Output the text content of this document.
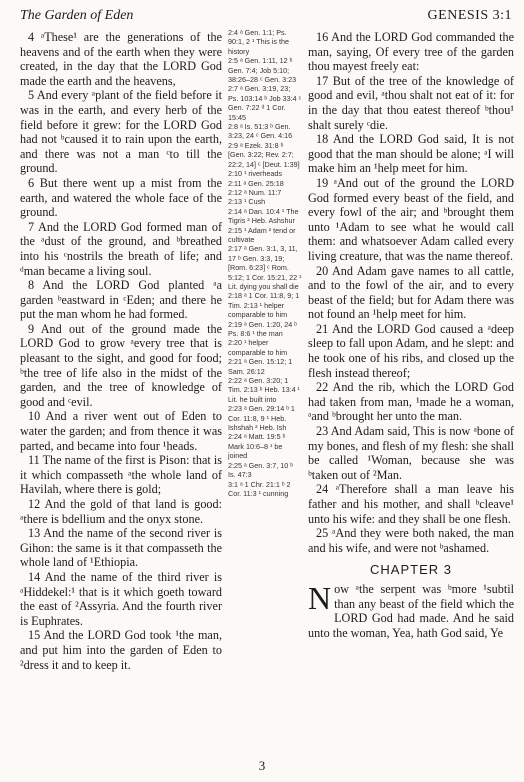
The Garden of Eden	GENESIS 3:1

4 ᵃThese¹ are the generations of the heavens and of the earth when they were created, in the day that the LORD God made the earth and the heavens,

5 And every ᵃplant of the field before it was in the earth, and every herb of the field before it grew: for the LORD God had not ᵇcaused it to rain upon the earth, and there was not a man ᶜto till the ground.

6 But there went up a mist from the earth, and watered the whole face of the ground.

7 And the LORD God formed man of the ᵃdust of the ground, and ᵇbreathed into his ᶜnostrils the breath of life; and ᵈman became a living soul.

8 And the LORD God planted ᵃa garden ᵇeastward in ᶜEden; and there he put the man whom he had formed.

9 And out of the ground made the LORD God to grow ᵃevery tree that is pleasant to the sight, and good for food; ᵇthe tree of life also in the midst of the garden, and the tree of knowledge of good and ᶜevil.

10 And a river went out of Eden to water the garden; and from thence it was parted, and became into four ¹heads.

11 The name of the first is Pison: that is it which compasseth ᵃthe whole land of Havilah, where there is gold;

12 And the gold of that land is good: ᵃthere is bdellium and the onyx stone.

13 And the name of the second river is Gihon: the same is it that compasseth the whole land of ¹Ethiopia.

14 And the name of the third river is ᵃHiddekel:¹ that is it which goeth toward the east of ²Assyria. And the fourth river is Euphrates.

15 And the LORD God took ¹the man, and put him into the garden of Eden to ²dress it and to keep it.

2:4 ᵃ Gen. 1:1; Ps. 90:1, 2 ¹ This is the history
2:5 ᵃ Gen. 1:11, 12 ᵇ Gen. 7:4; Job 5:10; 38:26–28 ᶜ Gen. 3:23
2:7 ᵃ Gen. 3:19, 23; Ps. 103:14 ᵇ Job 33:4 ᶜ Gen. 7:22 ᵈ 1 Cor. 15:45
2:8 ᵃ Is. 51:3 ᵇ Gen. 3:23, 24 ᶜ Gen. 4:16
2:9 ᵃ Ezek. 31:8 ᵇ [Gen. 3:22; Rev. 2:7; 22:2, 14] ᶜ [Deut. 1:39]
2:10 ¹ riverheads
2:11 ᵃ Gen. 25:18
2:12 ᵃ Num. 11:7
2:13 ¹ Cush
2:14 ᵃ Dan. 10:4 ¹ The Tigris ² Heb. Ashshur
2:15 ¹ Adam ² tend or cultivate
2:17 ᵃ Gen. 3:1, 3, 11, 17 ᵇ Gen. 3:3, 19; [Rom. 6:23] ᶜ Rom. 5:12; 1 Cor. 15:21, 22 ¹ Lit. dying you shall die
2:18 ᵃ 1 Cor. 11:8, 9; 1 Tim. 2:13 ¹ helper comparable to him
2:19 ᵃ Gen. 1:20, 24 ᵇ Ps. 8:6 ¹ the man
2:20 ¹ helper comparable to him
2:21 ᵃ Gen. 15:12; 1 Sam. 26:12
2:22 ᵃ Gen. 3:20; 1 Tim. 2:13 ᵇ Heb. 13:4 ¹ Lit. he built into
2:23 ᵃ Gen. 29:14 ᵇ 1 Cor. 11:8, 9 ¹ Heb. Ishshah ² Heb. Ish
2:24 ᵃ Matt. 19:5 ᵇ Mark 10:6–8 ¹ be joined
2:25 ᵃ Gen. 3:7, 10 ᵇ Is. 47:3
3:1 ᵃ 1 Chr. 21:1 ᵇ 2 Cor. 11:3 ¹ cunning

16 And the LORD God commanded the man, saying, Of every tree of the garden thou mayest freely eat:

17 But of the tree of the knowledge of good and evil, ᵃthou shalt not eat of it: for in the day that thou eatest thereof ᵇthou¹ shalt surely ᶜdie.

18 And the LORD God said, It is not good that the man should be alone; ᵃI will make him an ¹help meet for him.

19 ᵃAnd out of the ground the LORD God formed every beast of the field, and every fowl of the air; and ᵇbrought them unto ¹Adam to see what he would call them: and whatsoever Adam called every living creature, that was the name thereof.

20 And Adam gave names to all cattle, and to the fowl of the air, and to every beast of the field; but for Adam there was not found an ¹help meet for him.

21 And the LORD God caused a ᵃdeep sleep to fall upon Adam, and he slept: and he took one of his ribs, and closed up the flesh instead thereof;

22 And the rib, which the LORD God had taken from man, ¹made he a woman, ᵃand ᵇbrought her unto the man.

23 And Adam said, This is now ᵃbone of my bones, and flesh of my flesh: she shall be called ¹Woman, because she was ᵇtaken out of ²Man.

24 ᵃTherefore shall a man leave his father and his mother, and shall ᵇcleave¹ unto his wife: and they shall be one flesh.

25 ᵃAnd they were both naked, the man and his wife, and were not ᵇashamed.

CHAPTER 3

Now ᵃthe serpent was ᵇmore ¹subtil than any beast of the field which the LORD God had made. And he said unto the woman, Yea, hath God said, Ye

3
